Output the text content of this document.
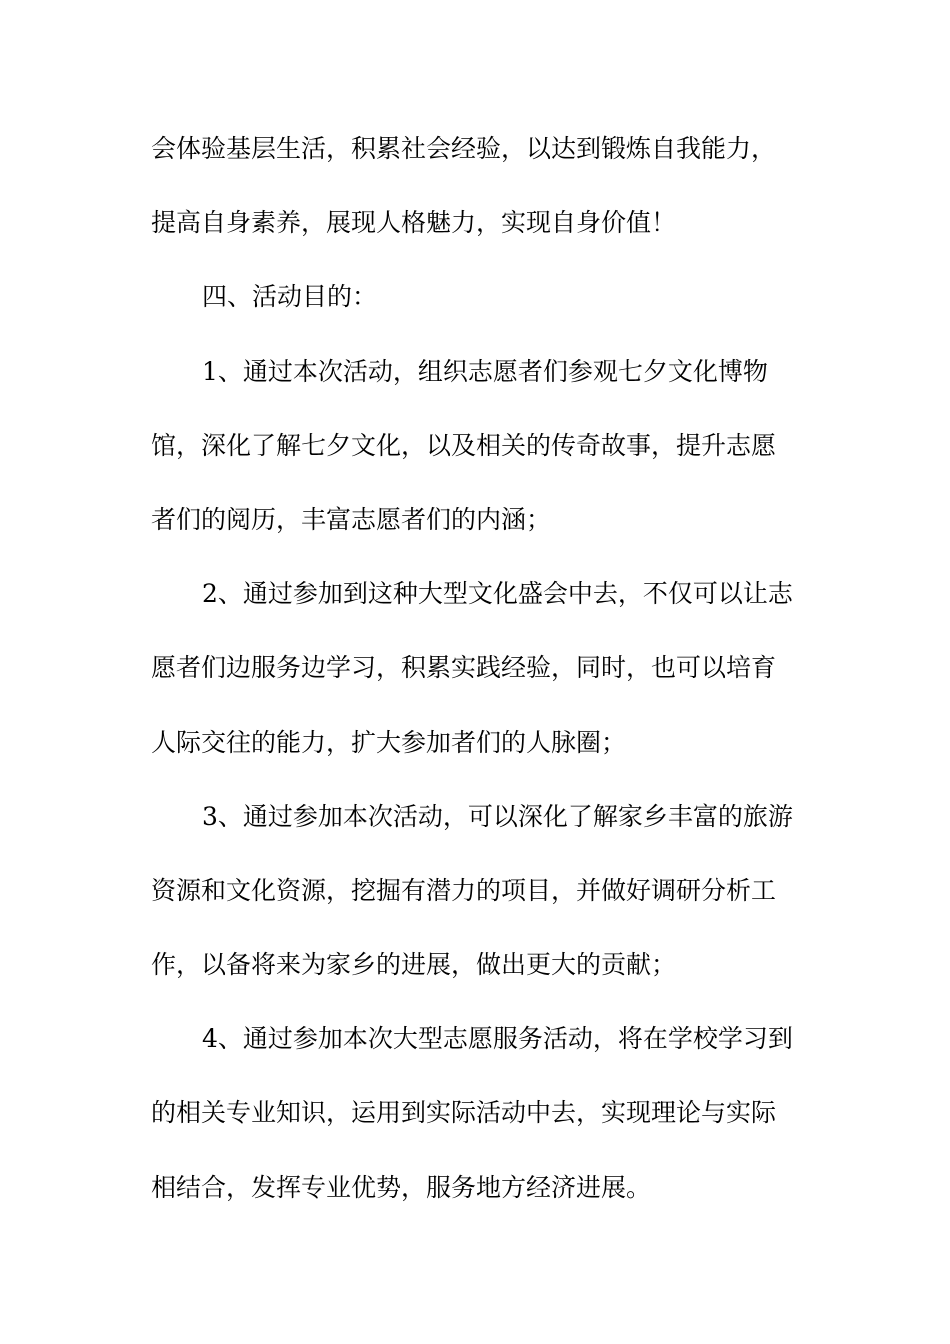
会体验基层生活，积累社会经验，以达到锻炼自我能力，
提高自身素养，展现人格魅力，实现自身价值！
四、活动目的：
1、通过本次活动，组织志愿者们参观七夕文化博物
馆，深化了解七夕文化，以及相关的传奇故事，提升志愿
者们的阅历，丰富志愿者们的内涵；
2、通过参加到这种大型文化盛会中去，不仅可以让志
愿者们边服务边学习，积累实践经验，同时，也可以培育
人际交往的能力，扩大参加者们的人脉圈；
3、通过参加本次活动，可以深化了解家乡丰富的旅游
资源和文化资源，挖掘有潜力的项目，并做好调研分析工
作，以备将来为家乡的进展，做出更大的贡献；
4、通过参加本次大型志愿服务活动，将在学校学习到
的相关专业知识，运用到实际活动中去，实现理论与实际
相结合，发挥专业优势，服务地方经济进展。
